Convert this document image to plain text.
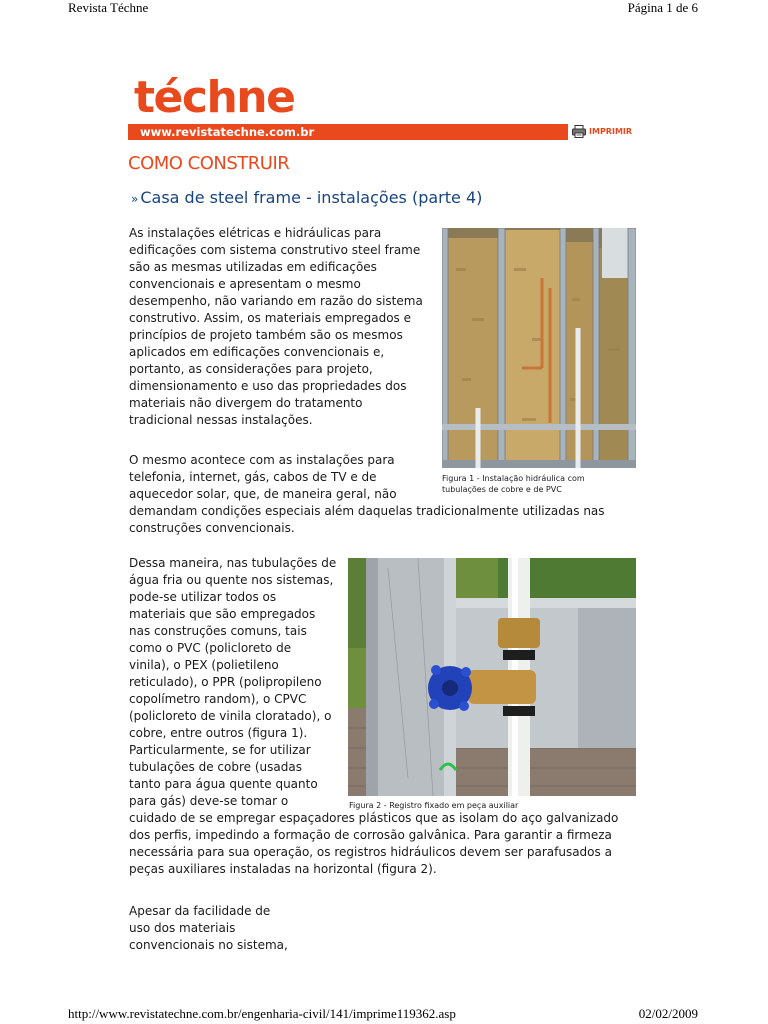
Revista Téchne	Página 1 de 6
téchne
www.revistatechne.com.br	IMPRIMIR
COMO CONSTRUIR
» Casa de steel frame - instalações (parte 4)

As instalações elétricas e hidráulicas para
edificações com sistema construtivo steel frame
são as mesmas utilizadas em edificações
convencionais e apresentam o mesmo
desempenho, não variando em razão do sistema
construtivo. Assim, os materiais empregados e
princípios de projeto também são os mesmos
aplicados em edificações convencionais e,
portanto, as considerações para projeto,
dimensionamento e uso das propriedades dos
materiais não divergem do tratamento
tradicional nessas instalações.

Figura 1 - Instalação hidráulica com
tubulações de cobre e de PVC

O mesmo acontece com as instalações para
telefonia, internet, gás, cabos de TV e de
aquecedor solar, que, de maneira geral, não
demandam condições especiais além daquelas tradicionalmente utilizadas nas
construções convencionais.

Figura 2 - Registro fixado em peça auxiliar

Dessa maneira, nas tubulações de
água fria ou quente nos sistemas,
pode-se utilizar todos os
materiais que são empregados
nas construções comuns, tais
como o PVC (policloreto de
vinila), o PEX (polietileno
reticulado), o PPR (polipropileno
copolímetro random), o CPVC
(policloreto de vinila cloratado), o
cobre, entre outros (figura 1).
Particularmente, se for utilizar
tubulações de cobre (usadas
tanto para água quente quanto
para gás) deve-se tomar o
cuidado de se empregar espaçadores plásticos que as isolam do aço galvanizado
dos perfis, impedindo a formação de corrosão galvânica. Para garantir a firmeza
necessária para sua operação, os registros hidráulicos devem ser parafusados a
peças auxiliares instaladas na horizontal (figura 2).

Apesar da facilidade de
uso dos materiais
convencionais no sistema,

http://www.revistatechne.com.br/engenharia-civil/141/imprime119362.asp	02/02/2009
